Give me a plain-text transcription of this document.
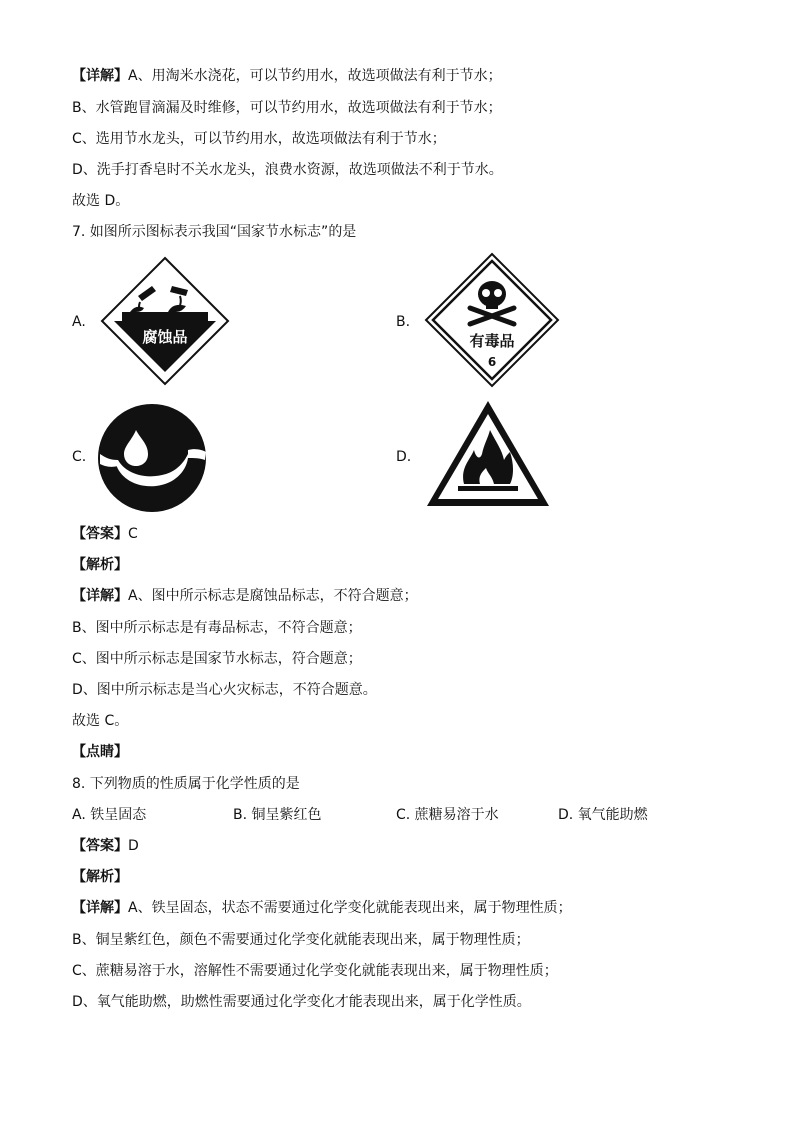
【详解】A、用淘米水浇花，可以节约用水，故选项做法有利于节水；
B、水管跑冒滴漏及时维修，可以节约用水，故选项做法有利于节水；
C、选用节水龙头，可以节约用水，故选项做法有利于节水；
D、洗手打香皂时不关水龙头，浪费水资源，故选项做法不利于节水。
故选 D。
7. 如图所示图标表示我国“国家节水标志”的是
A.	B.
C.	D.
腐蚀品	有毒品
6
【答案】C
【解析】
【详解】A、图中所示标志是腐蚀品标志，不符合题意；
B、图中所示标志是有毒品标志，不符合题意；
C、图中所示标志是国家节水标志，符合题意；
D、图中所示标志是当心火灾标志，不符合题意。
故选 C。
【点睛】
8. 下列物质的性质属于化学性质的是
A. 铁呈固态	B. 铜呈紫红色	C. 蔗糖易溶于水	D. 氧气能助燃
【答案】D
【解析】
【详解】A、铁呈固态，状态不需要通过化学变化就能表现出来，属于物理性质；
B、铜呈紫红色，颜色不需要通过化学变化就能表现出来，属于物理性质；
C、蔗糖易溶于水，溶解性不需要通过化学变化就能表现出来，属于物理性质；
D、氧气能助燃，助燃性需要通过化学变化才能表现出来，属于化学性质。
